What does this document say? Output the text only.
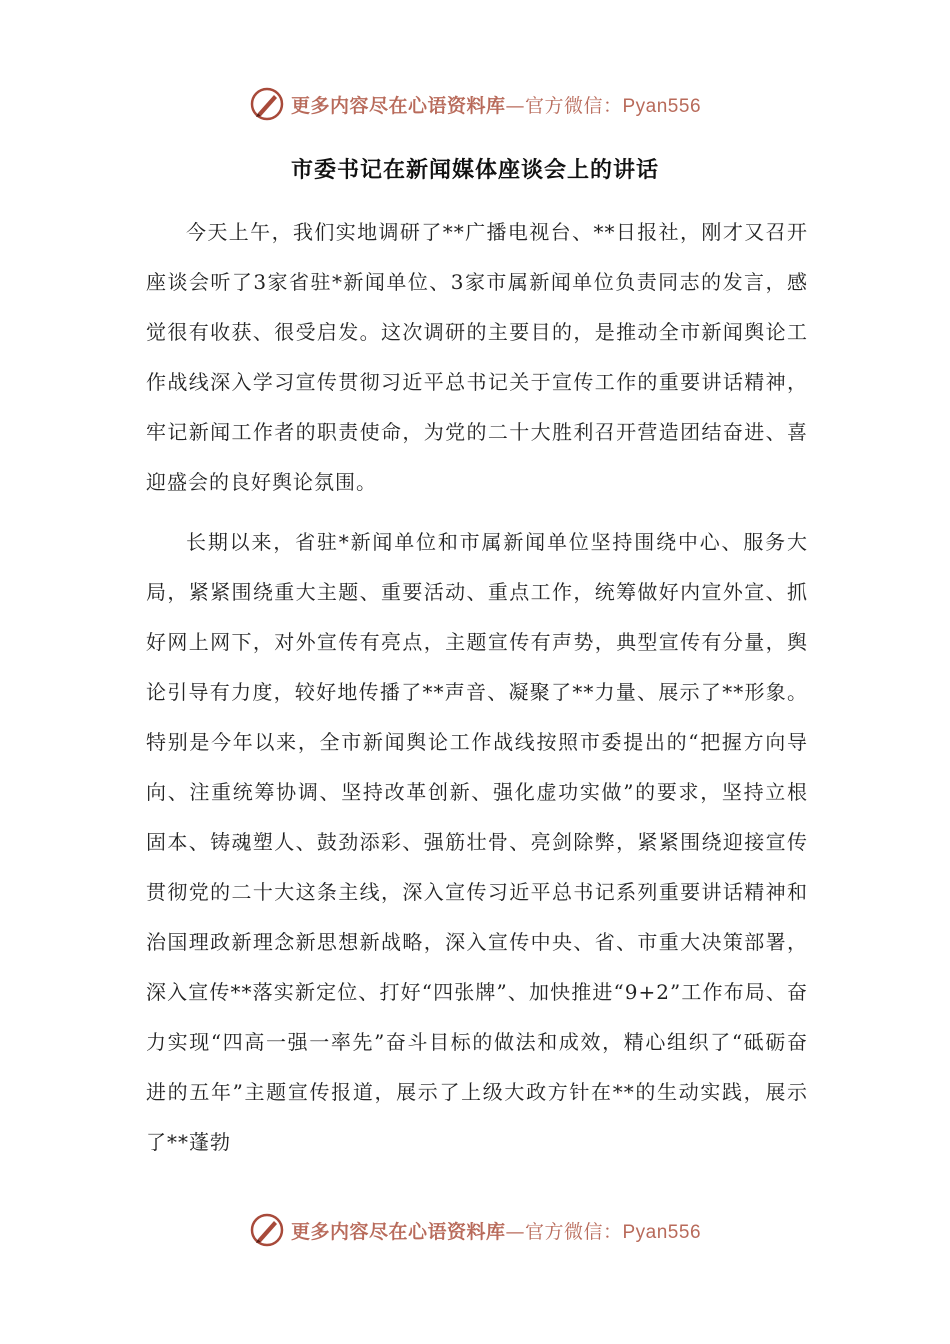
更多内容尽在心语资料库—官方微信：Pyan556
市委书记在新闻媒体座谈会上的讲话

今天上午，我们实地调研了**广播电视台、**日报社，刚才又召开座谈会听了3家省驻*新闻单位、3家市属新闻单位负责同志的发言，感觉很有收获、很受启发。这次调研的主要目的，是推动全市新闻舆论工作战线深入学习宣传贯彻习近平总书记关于宣传工作的重要讲话精神，牢记新闻工作者的职责使命，为党的二十大胜利召开营造团结奋进、喜迎盛会的良好舆论氛围。

长期以来，省驻*新闻单位和市属新闻单位坚持围绕中心、服务大局，紧紧围绕重大主题、重要活动、重点工作，统筹做好内宣外宣、抓好网上网下，对外宣传有亮点，主题宣传有声势，典型宣传有分量，舆论引导有力度，较好地传播了**声音、凝聚了**力量、展示了**形象。特别是今年以来，全市新闻舆论工作战线按照市委提出的“把握方向导向、注重统筹协调、坚持改革创新、强化虚功实做”的要求，坚持立根固本、铸魂塑人、鼓劲添彩、强筋壮骨、亮剑除弊，紧紧围绕迎接宣传贯彻党的二十大这条主线，深入宣传习近平总书记系列重要讲话精神和治国理政新理念新思想新战略，深入宣传中央、省、市重大决策部署，深入宣传**落实新定位、打好“四张牌”、加快推进“9+2”工作布局、奋力实现“四高一强一率先”奋斗目标的做法和成效，精心组织了“砥砺奋进的五年”主题宣传报道，展示了上级大政方针在**的生动实践，展示了**蓬勃

更多内容尽在心语资料库—官方微信：Pyan556
